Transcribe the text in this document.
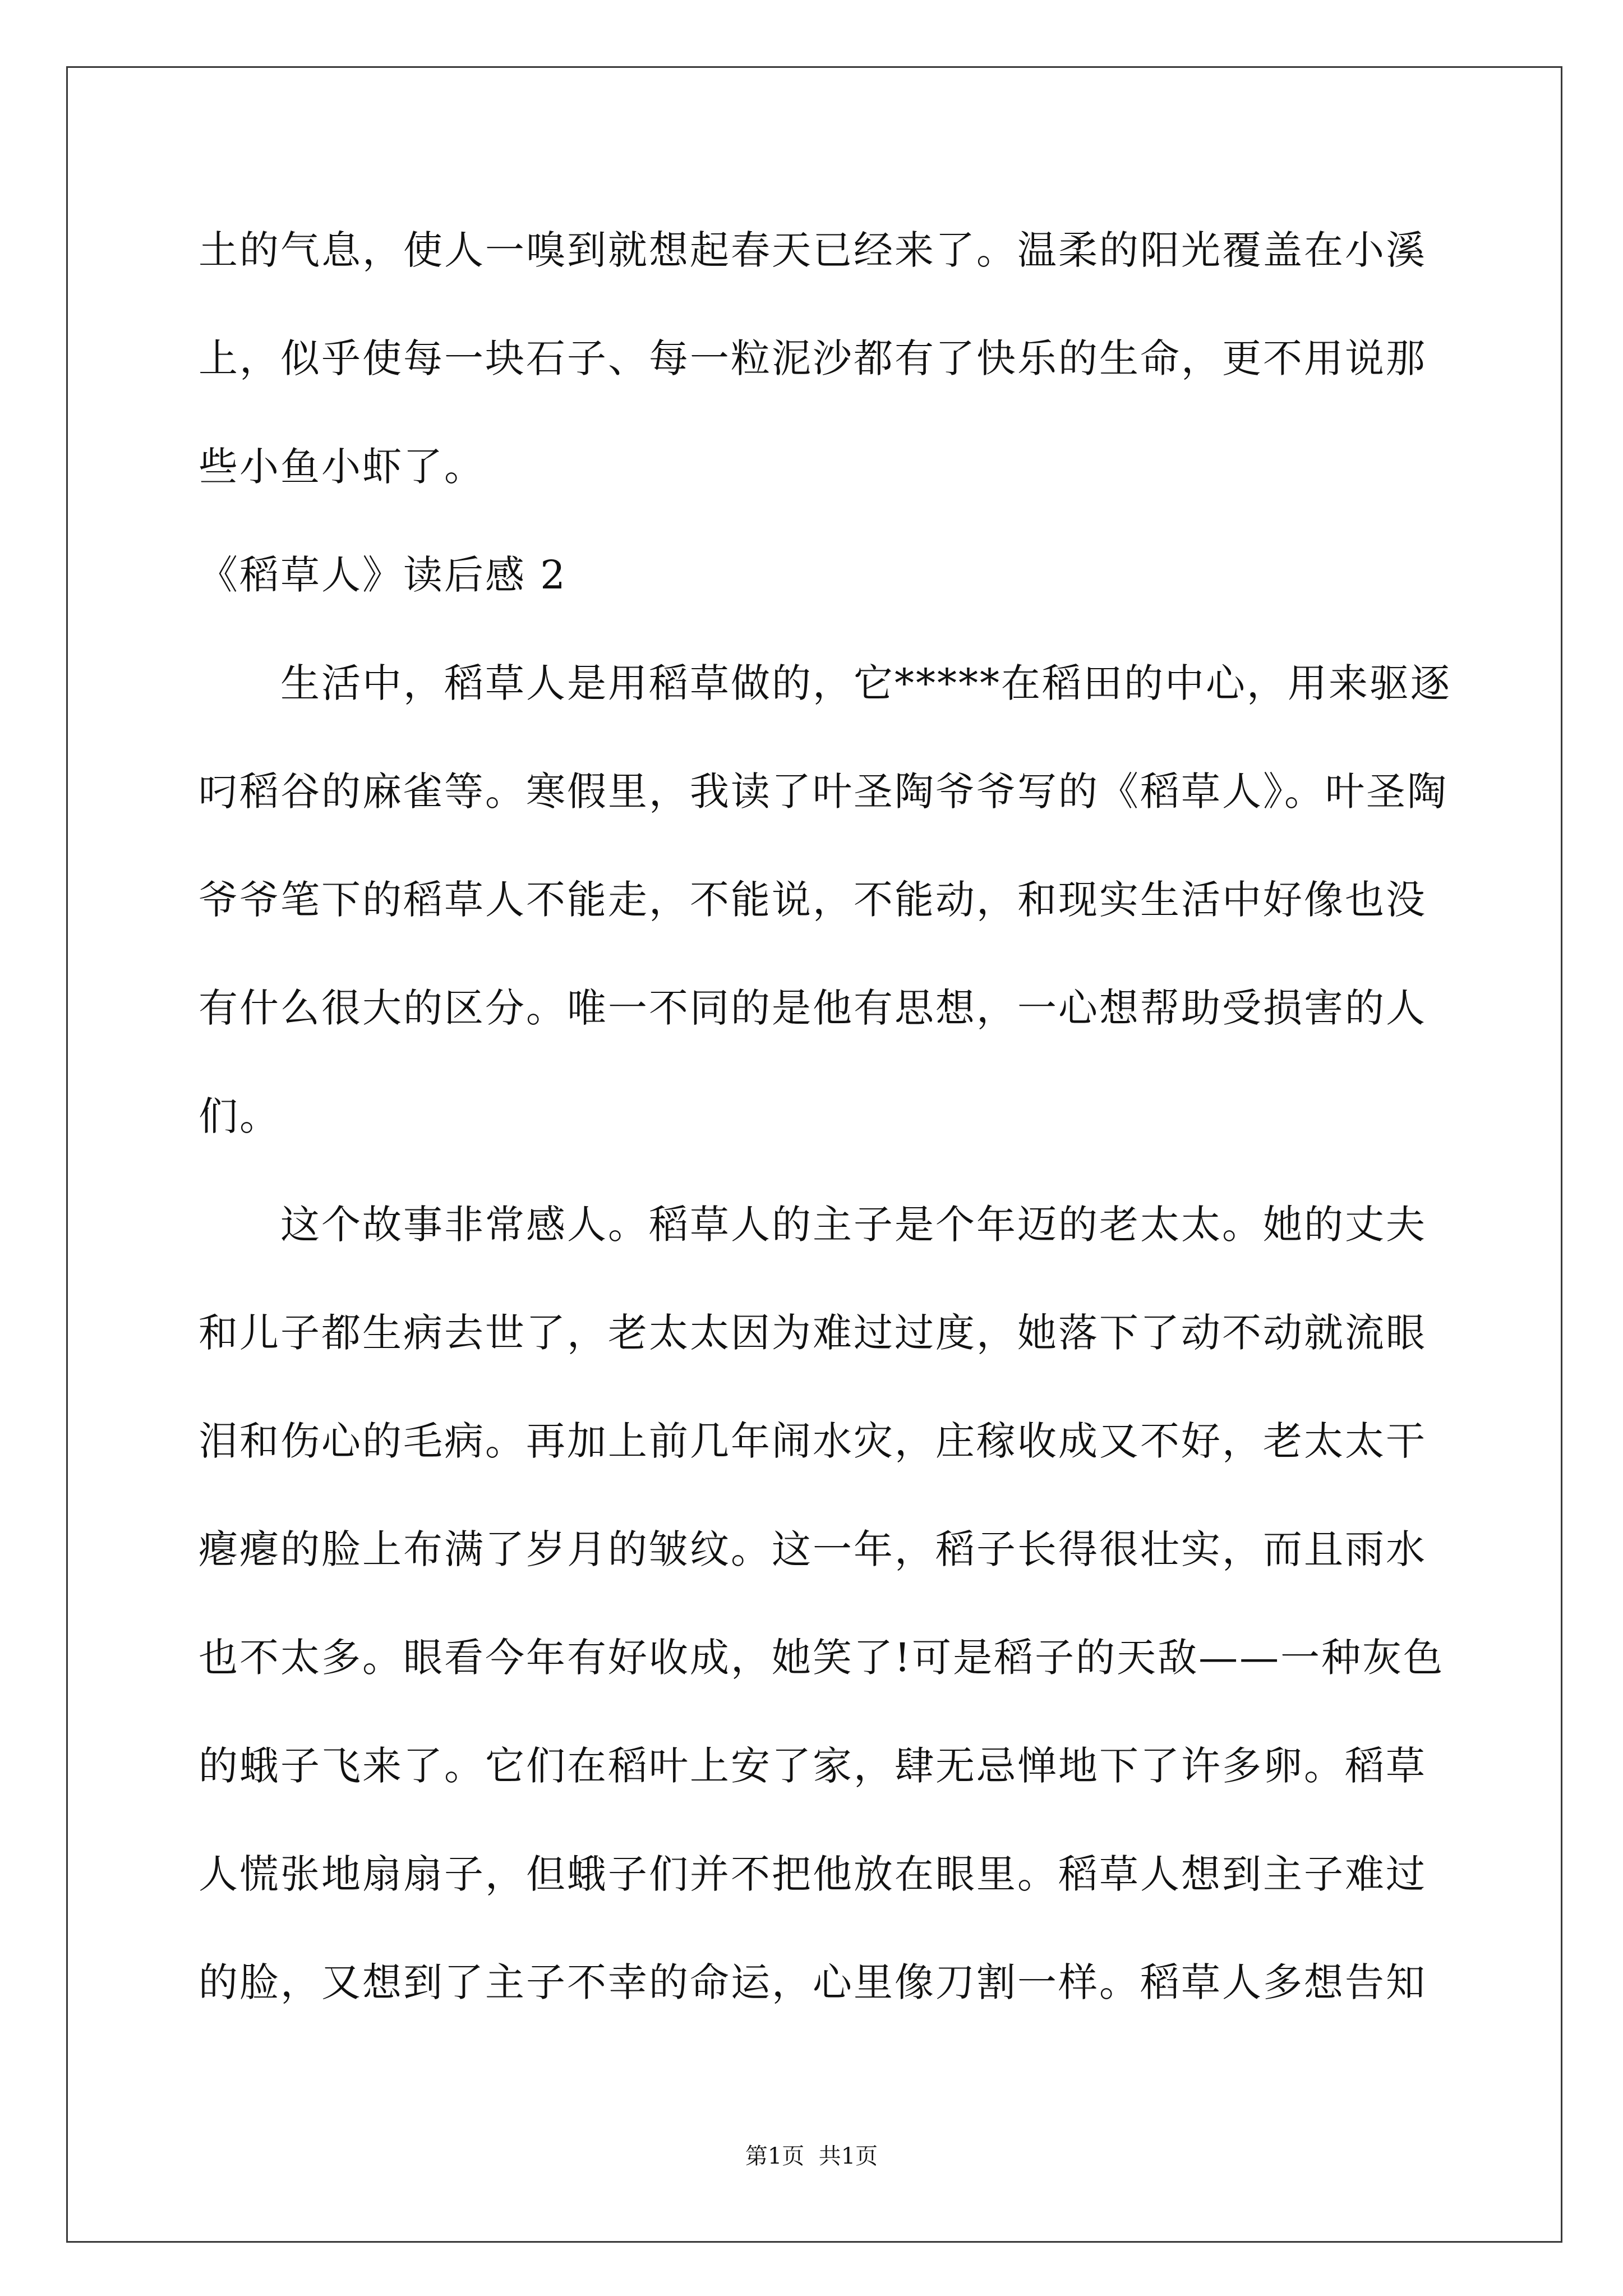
土的气息，使人一嗅到就想起春天已经来了。温柔的阳光覆盖在小溪
上，似乎使每一块石子、每一粒泥沙都有了快乐的生命，更不用说那
些小鱼小虾了。
《稻草人》读后感 2
生活中，稻草人是用稻草做的，它*****在稻田的中心，用来驱逐
叼稻谷的麻雀等。寒假里，我读了叶圣陶爷爷写的《稻草人》。叶圣陶
爷爷笔下的稻草人不能走，不能说，不能动，和现实生活中好像也没
有什么很大的区分。唯一不同的是他有思想，一心想帮助受损害的人
们。
这个故事非常感人。稻草人的主子是个年迈的老太太。她的丈夫
和儿子都生病去世了，老太太因为难过过度，她落下了动不动就流眼
泪和伤心的毛病。再加上前几年闹水灾，庄稼收成又不好，老太太干
瘪瘪的脸上布满了岁月的皱纹。这一年，稻子长得很壮实，而且雨水
也不太多。眼看今年有好收成，她笑了!可是稻子的天敌——一种灰色
的蛾子飞来了。它们在稻叶上安了家，肆无忌惮地下了许多卵。稻草
人慌张地扇扇子，但蛾子们并不把他放在眼里。稻草人想到主子难过
的脸，又想到了主子不幸的命运，心里像刀割一样。稻草人多想告知
第1页  共1页
